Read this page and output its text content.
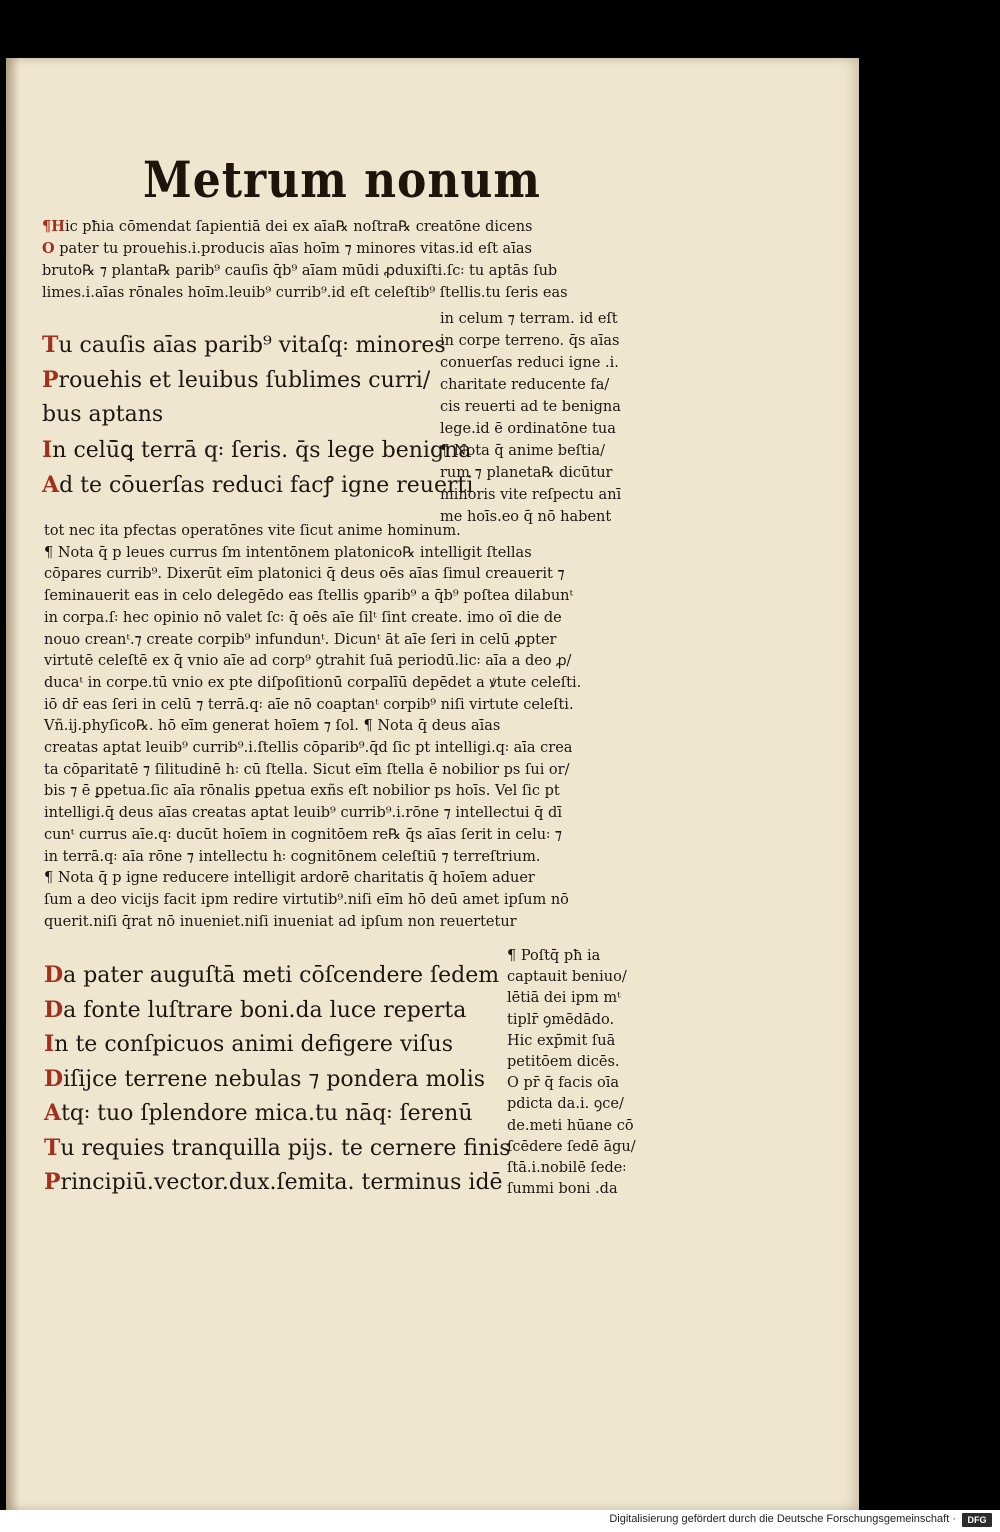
Metrum nonum
¶Hic pħia cōmendat ſapientiā dei ex aīa℞ noſtra℞ creatōne dicens
O pater tu prouehis.i.producis aīas hoīm ⁊ minores vitas.id eſt aīas
bruto℞ ⁊ planta℞ parib⁹ cauſis q̄b⁹ aīam mūdi ꝓduxiſti.ſc꞉ tu aptās ſub
limes.i.aīas rōnales hoīm.leuib⁹ currib⁹.id eſt celeſtib⁹ ſtellis.tu ſeris eas
in celum ⁊ terram. id eſt
in corpe terreno. q̄s aīas
conuerſas reduci igne .i.
charitate reducente fa/
cis reuerti ad te benigna
lege.id ē ordinatōne tua
¶ Nota q̄ anime beſtia/
rum ⁊ planeta℞ dicūtur
minoris vite reſpectu anī
me hoīs.eo q̄ nō habent
Tu cauſis aīas parib⁹ vitaſq꞉ minores
Prouehis et leuibus ſublimes curri/
bus aptans
In celū̄ꝗ terrā q꞉ ſeris. q̄s lege benigna
Ad te cōuerſas reduci facꝭ igne reuerti
tot nec ita pfectas operatōnes vite ſicut anime hominum.
¶ Nota q̄ p leues currus ſm intentōnem platonico℞ intelligit ſtellas
cōpares currib⁹. Dixerūt eīm platonici q̄ deus oēs aīas ſimul creauerit ⁊
ſeminauerit eas in celo delegēdo eas ſtellis ꝯparib⁹ a q̄b⁹ poſtea dilabunᵗ
in corpa.ſ꞉ hec opinio nō valet ſc꞉ q̄ oēs aīe ſilᵗ ſint create. imo oī die de
nouo creanᵗ.⁊ create corpib⁹ infundunᵗ. Dicunᵗ āt aīe ſeri in celū ꝓpter
virtutē celeſtē ex q̄ vnio aīe ad corp⁹ ꝯtrahit ſuā periodū.lic꞉ aīa a deo ꝓ/
ducaᵗ in corpe.tū vnio ex pte diſpoſitionū corpalīū depēdet a ꝟtute celeſti.
iō dr̄ eas ſeri in celū ⁊ terrā.q꞉ aīe nō coaptanᵗ corpib⁹ niſi virtute celeſti.
Vñ.ij.phyſico℞. hō eīm generat hoīem ⁊ ſol. ¶ Nota q̄ deus aīas
creatas aptat leuib⁹ currib⁹.i.ſtellis cōparib⁹.q̄d ſic pt intelligi.q꞉ aīa crea
ta cōparitatē ⁊ ſilitudinē h꞉ cū ſtella. Sicut eīm ſtella ē nobilior ps ſui or/
bis ⁊ ē ꝑpetua.ſic aīa rōnalis ꝑpetua exñs eſt nobilior ps hoīs. Vel ſic pt
intelligi.q̄ deus aīas creatas aptat leuib⁹ currib⁹.i.rōne ⁊ intellectui q̄ dī
cunᵗ currus aīe.q꞉ ducūt hoīem in cognitōem re℞ q̄s aīas ſerit in celu꞉ ⁊
in terrā.q꞉ aīa rōne ⁊ intellectu h꞉ cognitōnem celeſtiū ⁊ terreſtrium.
¶ Nota q̄ p igne reducere intelligit ardorē charitatis q̄ hoīem aduer
ſum a deo vicijs facit ipm redire virtutib⁹.niſi eīm hō deū amet ipſum nō
querit.niſi q̄rat nō inueniet.niſi inueniat ad ipſum non reuertetur
Da pater auguſtā meti cōſcendere ſedem
Da fonte luſtrare boni.da luce reperta
In te conſpicuos animi defigere viſus
Diſijce terrene nebulas ⁊ pondera molis
Atq꞉ tuo ſplendore mica.tu nāq꞉ ſerenū
Tu requies tranquilla pijs. te cernere finis
Principiū.vector.dux.ſemita. terminus idē
¶ Poſtq̄ pħ ia
captauit beniuo/
lētiā dei ipm mᵗ
tiplr̄ ꝯmēdādo.
Hic exp̄mit ſuā
petitōem dicēs.
O pr̄ q̄ facis oīa
pdicta da.i. ꝯce/
de.meti hūane cō
ſcēdere ſedē āgu/
ſtā.i.nobilē ſede꞉
ſummi boni .da
Digitalisierung gefördert durch die Deutsche Forschungsgemeinschaft ·	DFG
